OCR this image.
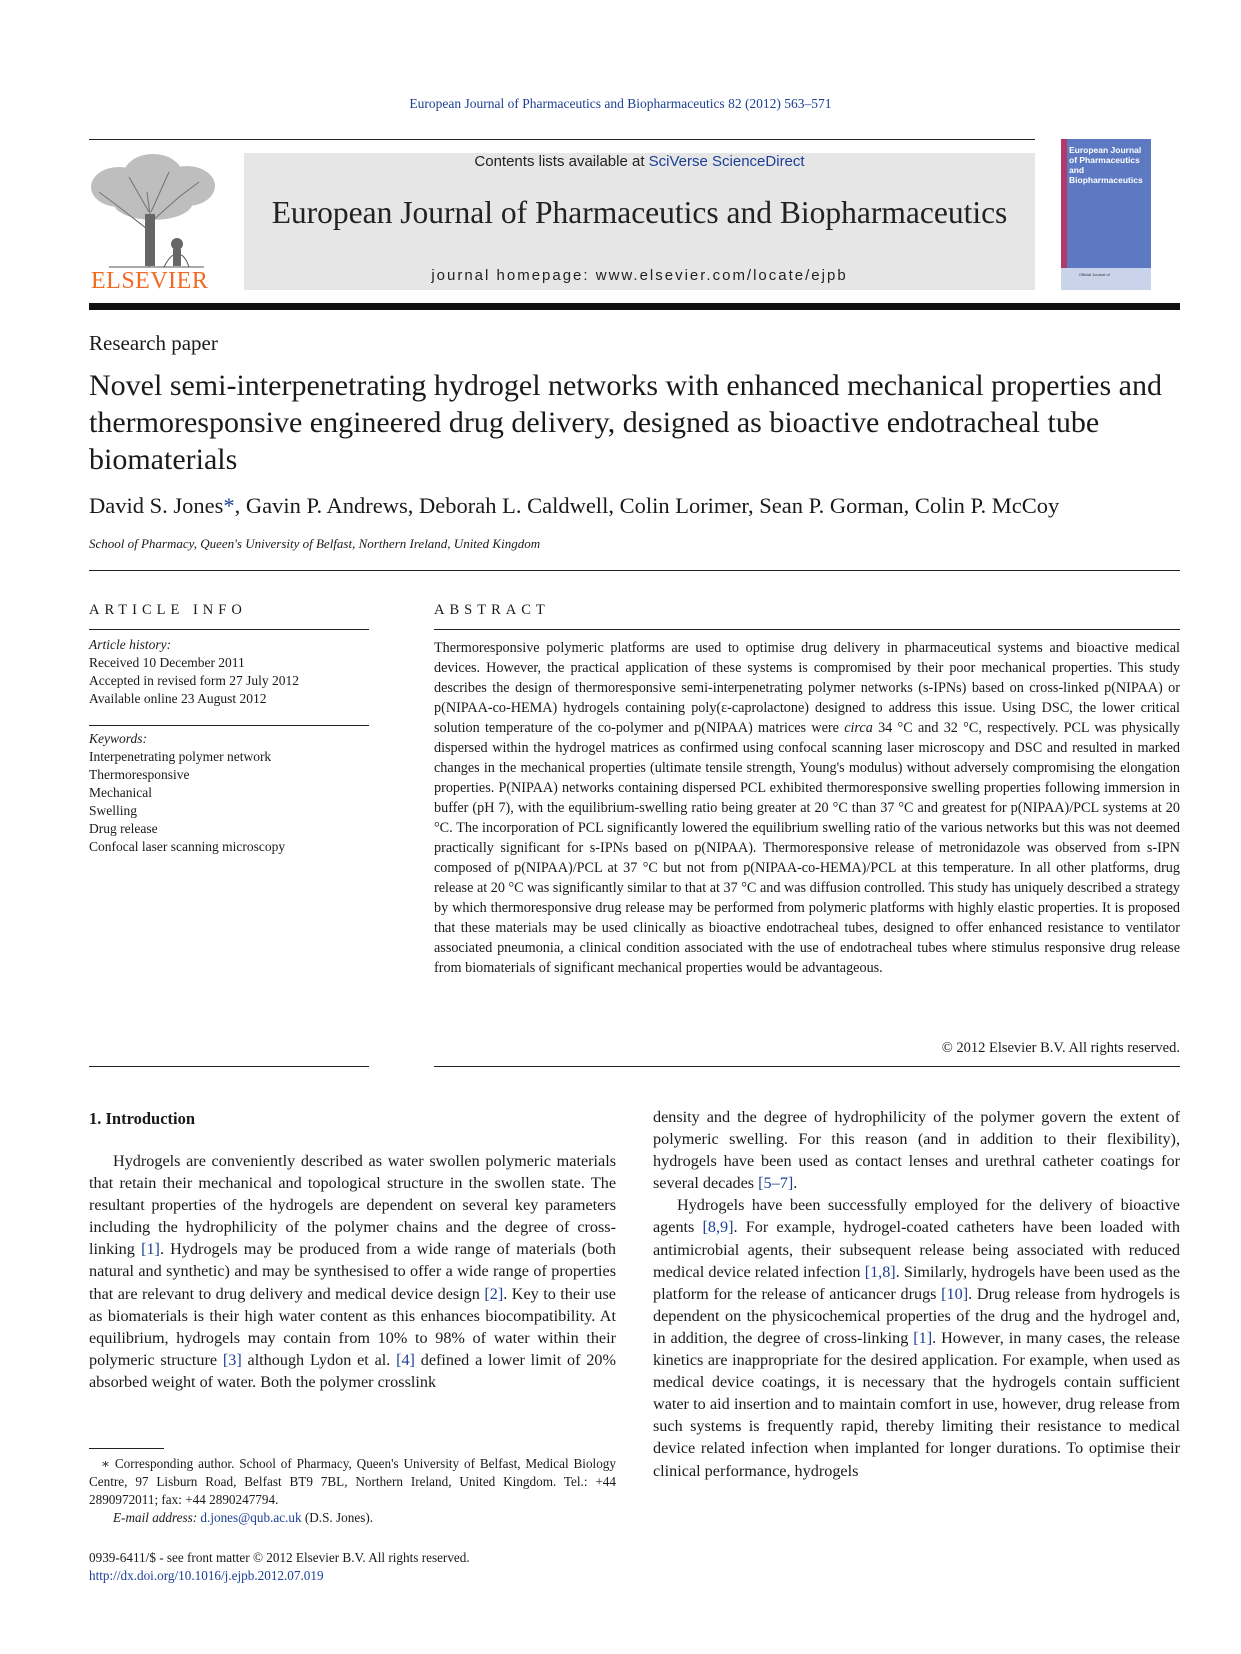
European Journal of Pharmaceutics and Biopharmaceutics 82 (2012) 563–571
ELSEVIER
Contents lists available at SciVerse ScienceDirect
European Journal of Pharmaceutics and Biopharmaceutics
journal homepage: www.elsevier.com/locate/ejpb
European Journal of Pharmaceutics and Biopharmaceutics
Official Journal of
Research paper
Novel semi-interpenetrating hydrogel networks with enhanced mechanical properties and thermoresponsive engineered drug delivery, designed as bioactive endotracheal tube biomaterials
David S. Jones*, Gavin P. Andrews, Deborah L. Caldwell, Colin Lorimer, Sean P. Gorman, Colin P. McCoy
School of Pharmacy, Queen's University of Belfast, Northern Ireland, United Kingdom
ARTICLE INFO
Article history:
Received 10 December 2011
Accepted in revised form 27 July 2012
Available online 23 August 2012
Keywords:
Interpenetrating polymer network
Thermoresponsive
Mechanical
Swelling
Drug release
Confocal laser scanning microscopy
ABSTRACT

Thermoresponsive polymeric platforms are used to optimise drug delivery in pharmaceutical systems and bioactive medical devices. However, the practical application of these systems is compromised by their poor mechanical properties. This study describes the design of thermoresponsive semi-interpenetrating polymer networks (s-IPNs) based on cross-linked p(NIPAA) or p(NIPAA-co-HEMA) hydrogels containing poly(ε-caprolactone) designed to address this issue. Using DSC, the lower critical solution temperature of the co-polymer and p(NIPAA) matrices were circa 34 °C and 32 °C, respectively. PCL was physically dispersed within the hydrogel matrices as confirmed using confocal scanning laser microscopy and DSC and resulted in marked changes in the mechanical properties (ultimate tensile strength, Young's modulus) without adversely compromising the elongation properties. P(NIPAA) networks containing dispersed PCL exhibited thermoresponsive swelling properties following immersion in buffer (pH 7), with the equilibrium-swelling ratio being greater at 20 °C than 37 °C and greatest for p(NIPAA)/PCL systems at 20 °C. The incorporation of PCL significantly lowered the equilibrium swelling ratio of the various networks but this was not deemed practically significant for s-IPNs based on p(NIPAA). Thermoresponsive release of metronidazole was observed from s-IPN composed of p(NIPAA)/PCL at 37 °C but not from p(NIPAA-co-HEMA)/PCL at this temperature. In all other platforms, drug release at 20 °C was significantly similar to that at 37 °C and was diffusion controlled. This study has uniquely described a strategy by which thermoresponsive drug release may be performed from polymeric platforms with highly elastic properties. It is proposed that these materials may be used clinically as bioactive endotracheal tubes, designed to offer enhanced resistance to ventilator associated pneumonia, a clinical condition associated with the use of endotracheal tubes where stimulus responsive drug release from biomaterials of significant mechanical properties would be advantageous.

© 2012 Elsevier B.V. All rights reserved.
1. Introduction

Hydrogels are conveniently described as water swollen polymeric materials that retain their mechanical and topological structure in the swollen state. The resultant properties of the hydrogels are dependent on several key parameters including the hydrophilicity of the polymer chains and the degree of cross-linking [1]. Hydrogels may be produced from a wide range of materials (both natural and synthetic) and may be synthesised to offer a wide range of properties that are relevant to drug delivery and medical device design [2]. Key to their use as biomaterials is their high water content as this enhances biocompatibility. At equilibrium, hydrogels may contain from 10% to 98% of water within their polymeric structure [3] although Lydon et al. [4] defined a lower limit of 20% absorbed weight of water. Both the polymer crosslink

density and the degree of hydrophilicity of the polymer govern the extent of polymeric swelling. For this reason (and in addition to their flexibility), hydrogels have been used as contact lenses and urethral catheter coatings for several decades [5–7].

Hydrogels have been successfully employed for the delivery of bioactive agents [8,9]. For example, hydrogel-coated catheters have been loaded with antimicrobial agents, their subsequent release being associated with reduced medical device related infection [1,8]. Similarly, hydrogels have been used as the platform for the release of anticancer drugs [10]. Drug release from hydrogels is dependent on the physicochemical properties of the drug and the hydrogel and, in addition, the degree of cross-linking [1]. However, in many cases, the release kinetics are inappropriate for the desired application. For example, when used as medical device coatings, it is necessary that the hydrogels contain sufficient water to aid insertion and to maintain comfort in use, however, drug release from such systems is frequently rapid, thereby limiting their resistance to medical device related infection when implanted for longer durations. To optimise their clinical performance, hydrogels

∗ Corresponding author. School of Pharmacy, Queen's University of Belfast, Medical Biology Centre, 97 Lisburn Road, Belfast BT9 7BL, Northern Ireland, United Kingdom. Tel.: +44 2890972011; fax: +44 2890247794.
E-mail address: d.jones@qub.ac.uk (D.S. Jones).
0939-6411/$ - see front matter © 2012 Elsevier B.V. All rights reserved.
http://dx.doi.org/10.1016/j.ejpb.2012.07.019
